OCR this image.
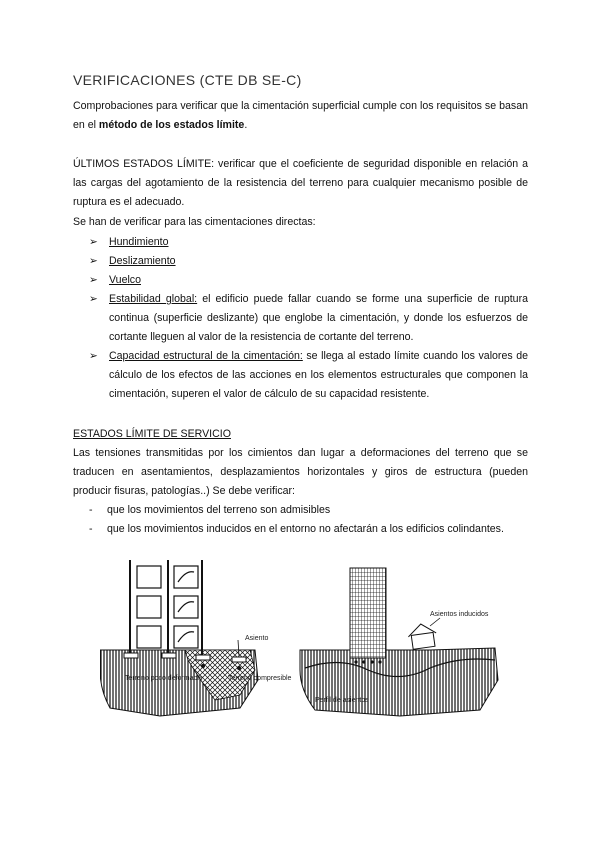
VERIFICACIONES (CTE DB SE-C)
Comprobaciones para verificar que la cimentación superficial cumple con los requisitos se basan en el método de los estados límite.
ÚLTIMOS ESTADOS LÍMITE: verificar que el coeficiente de seguridad disponible en relación a las cargas del agotamiento de la resistencia del terreno para cualquier mecanismo posible de ruptura es el adecuado.
Se han de verificar para las cimentaciones directas:
➢ Hundimiento
➢ Deslizamiento
➢ Vuelco
➢ Estabilidad global: el edificio puede fallar cuando se forme una superficie de ruptura continua (superficie deslizante) que englobe la cimentación, y donde los esfuerzos de cortante lleguen al valor de la resistencia de cortante del terreno.
➢ Capacidad estructural de la cimentación: se llega al estado límite cuando los valores de cálculo de los efectos de las acciones en los elementos estructurales que componen la cimentación, superen el valor de cálculo de su capacidad resistente.
ESTADOS LÍMITE DE SERVICIO
Las tensiones transmitidas por los cimientos dan lugar a deformaciones del terreno que se traducen en asentamientos, desplazamientos horizontales y giros de estructura (pueden producir fisuras, patologías..) Se debe verificar:
- que los movimientos del terreno son admisibles
- que los movimientos inducidos en el entorno no afectarán a los edificios colindantes.
Asiento
Terreno poco deformable	Terreno compresible
Asientos inducidos
Perfil de asientos
